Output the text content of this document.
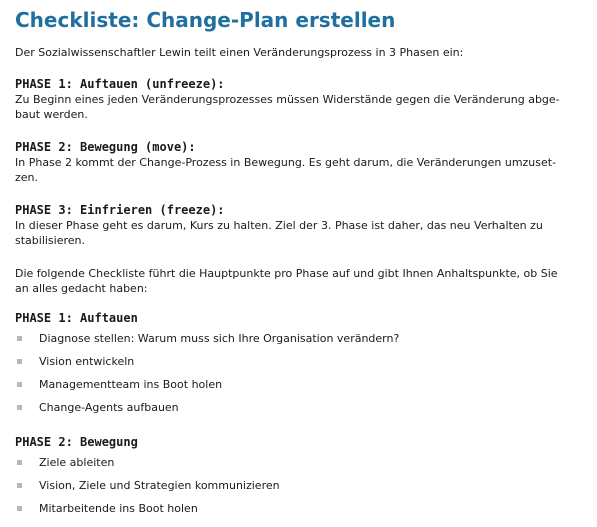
Checkliste: Change-Plan erstellen

Der Sozialwissenschaftler Lewin teilt einen Veränderungsprozess in 3 Phasen ein:

PHASE 1: Auftauen (unfreeze):

Zu Beginn eines jeden Veränderungsprozesses müssen Widerstände gegen die Veränderung abge-

baut werden.

PHASE 2: Bewegung (move):

In Phase 2 kommt der Change-Prozess in Bewegung. Es geht darum, die Veränderungen umzuset-

zen.

PHASE 3: Einfrieren (freeze):

In dieser Phase geht es darum, Kurs zu halten. Ziel der 3. Phase ist daher, das neu Verhalten zu

stabilisieren.

Die folgende Checkliste führt die Hauptpunkte pro Phase auf und gibt Ihnen Anhaltspunkte, ob Sie

an alles gedacht haben:

PHASE 1: Auftauen
Diagnose stellen: Warum muss sich Ihre Organisation verändern?
Vision entwickeln
Managementteam ins Boot holen
Change-Agents aufbauen
PHASE 2: Bewegung
Ziele ableiten
Vision, Ziele und Strategien kommunizieren
Mitarbeitende ins Boot holen
